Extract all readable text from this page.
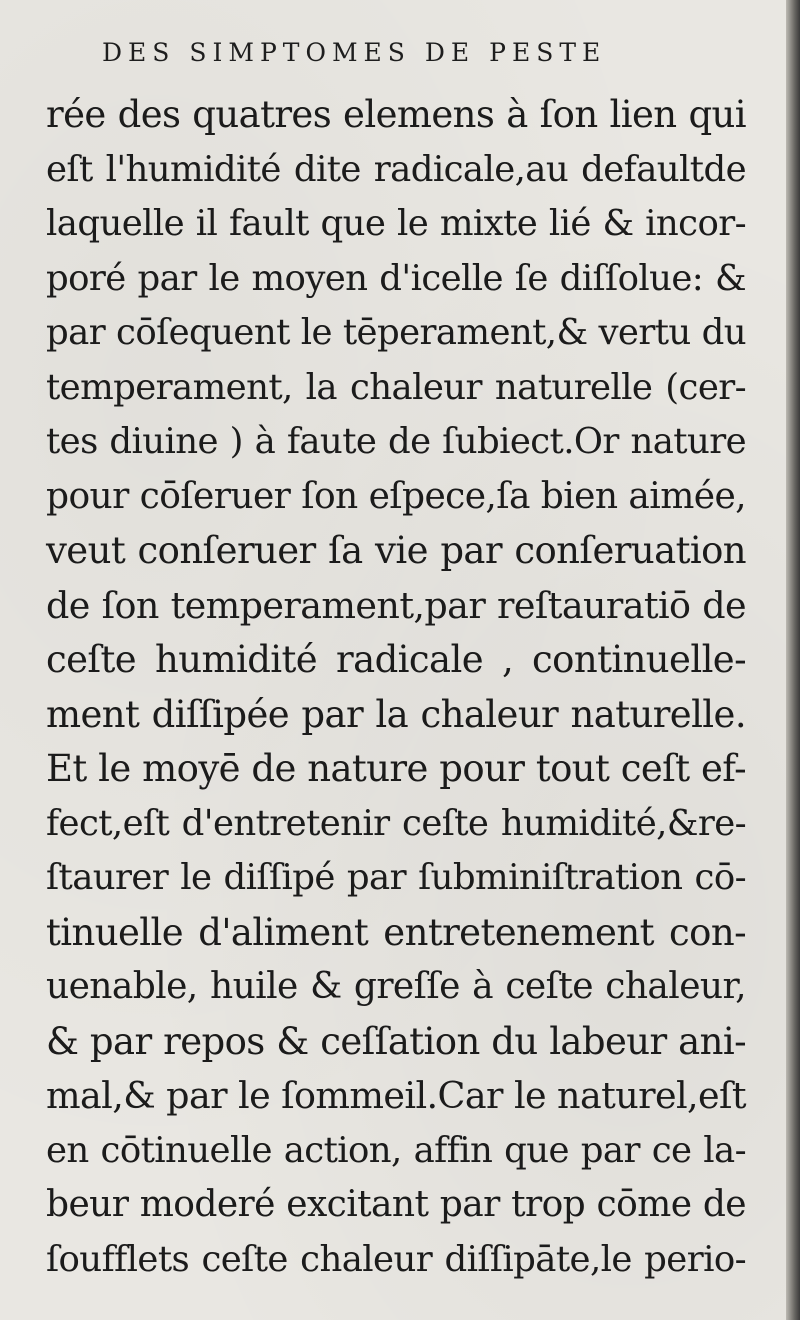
DES SIMPTOMES DE PESTE
rée des quatres elemens à ſon lien qui
eſt l'humidité dite radicale,au defaultde
laquelle il fault que le mixte lié & incor-
poré par le moyen d'icelle ſe diſſolue: &
par cōſequent le tēperament,& vertu du
temperament, la chaleur naturelle (cer-
tes diuine ) à faute de ſubiect.Or nature
pour cōſeruer ſon eſpece,ſa bien aimée,
veut conſeruer ſa vie par conſeruation
de ſon temperament,par reſtauratiō de
ceſte humidité radicale , continuelle-
ment diſſipée par la chaleur naturelle.
Et le moyē de nature pour tout ceſt ef-
fect,eſt d'entretenir ceſte humidité,&re-
ſtaurer le diſſipé par ſubminiſtration cō-
tinuelle d'aliment entretenement con-
uenable, huile & greſſe à ceſte chaleur,
& par repos & ceſſation du labeur ani-
mal,& par le ſommeil.Car le naturel,eſt
en cōtinuelle action, affin que par ce la-
beur moderé excitant par trop cōme de
ſoufflets ceſte chaleur diſſipāte,le perio-
